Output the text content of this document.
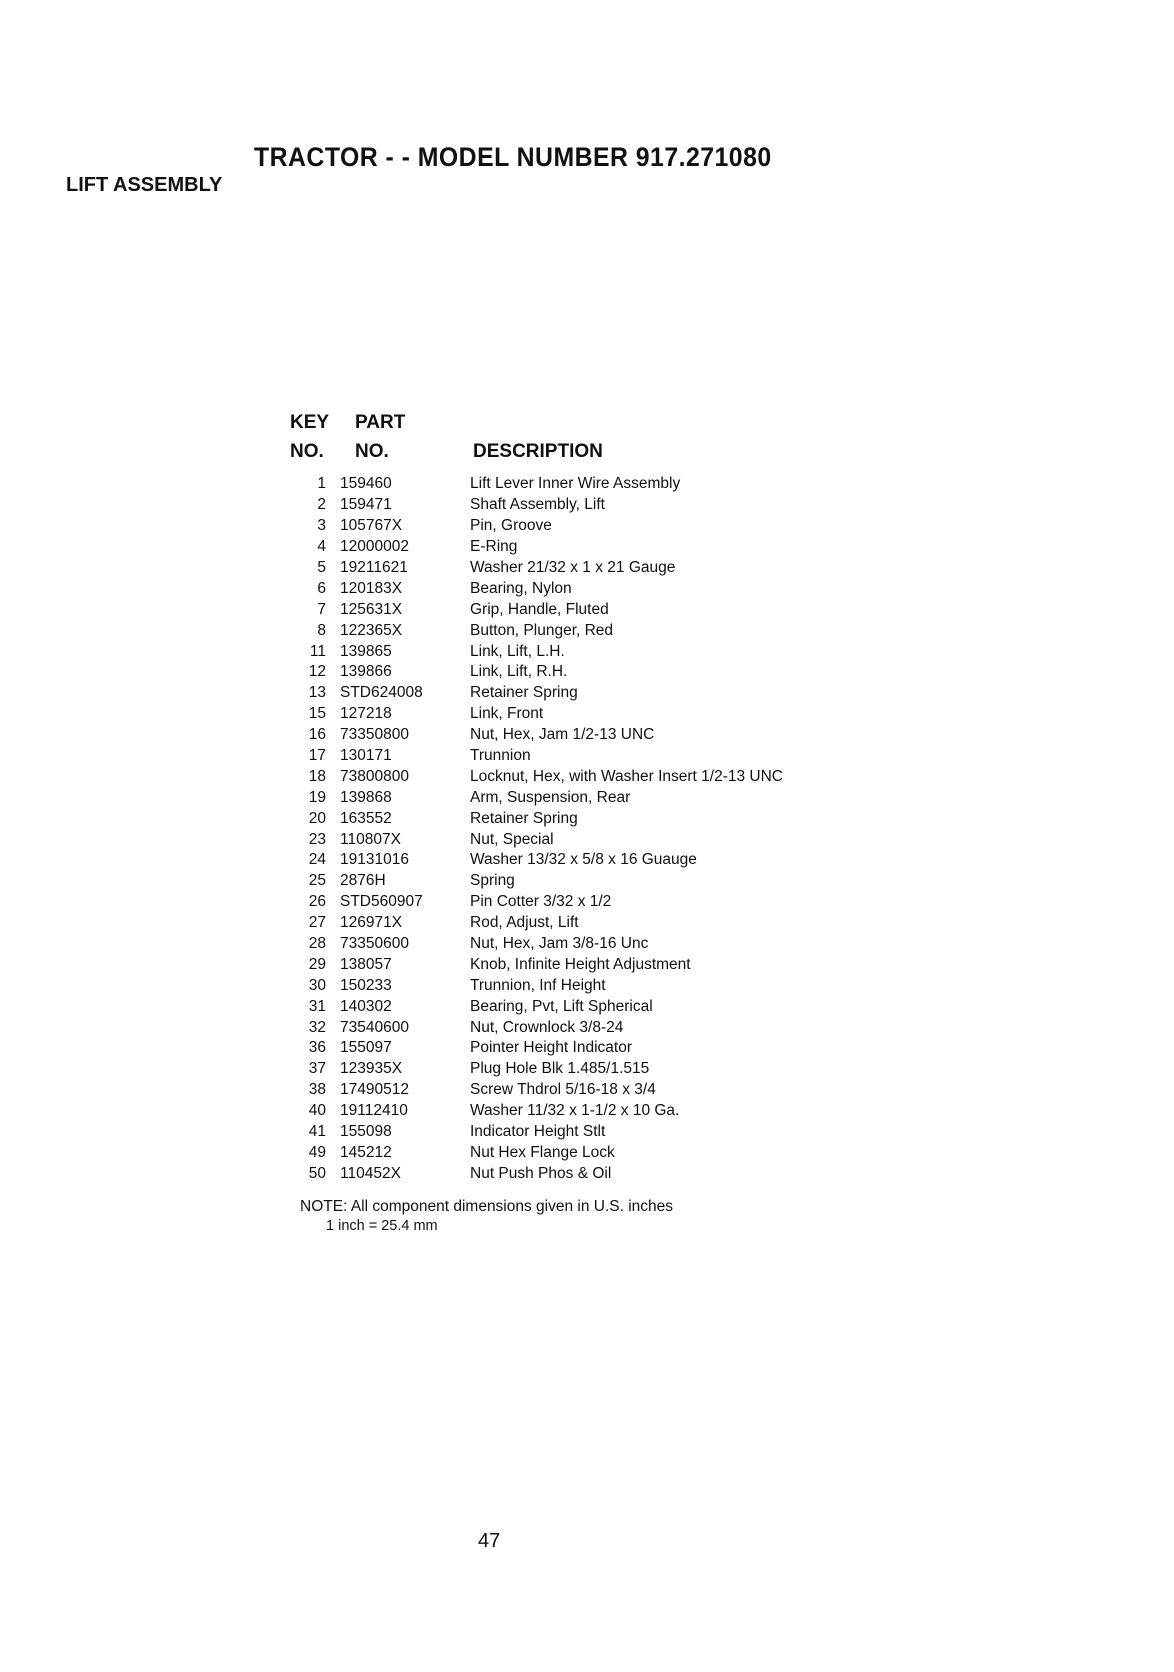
TRACTOR - - MODEL NUMBER 917.271080
LIFT ASSEMBLY
KEY PART
NO. NO.	DESCRIPTION
1 159460	Lift Lever Inner Wire Assembly
2 159471	Shaft Assembly, Lift
3 105767X	Pin, Groove
4 12000002	E-Ring
5 19211621	Washer 21/32 x 1 x 21 Gauge
6 120183X	Bearing, Nylon
7 125631X	Grip, Handle, Fluted
8 122365X	Button, Plunger, Red
11 139865	Link, Lift, L.H.
12 139866	Link, Lift, R.H.
13 STD624008	Retainer Spring
15 127218	Link, Front
16 73350800	Nut, Hex, Jam 1/2-13 UNC
17 130171	Trunnion
18 73800800	Locknut, Hex, with Washer Insert 1/2-13 UNC
19 139868	Arm, Suspension, Rear
20 163552	Retainer Spring
23 110807X	Nut, Special
24 19131016	Washer 13/32 x 5/8 x 16 Guauge
25 2876H	Spring
26 STD560907	Pin Cotter 3/32 x 1/2
27 126971X	Rod, Adjust, Lift
28 73350600	Nut, Hex, Jam 3/8-16 Unc
29 138057	Knob, Infinite Height Adjustment
30 150233	Trunnion, Inf Height
31 140302	Bearing, Pvt, Lift Spherical
32 73540600	Nut, Crownlock 3/8-24
36 155097	Pointer Height Indicator
37 123935X	Plug Hole Blk 1.485/1.515
38 17490512	Screw Thdrol 5/16-18 x 3/4
40 19112410	Washer 11/32 x 1-1/2 x 10 Ga.
41 155098	Indicator Height Stlt
49 145212	Nut Hex Flange Lock
50 110452X	Nut Push Phos & Oil
NOTE: All component dimensions given in U.S. inches
1 inch = 25.4 mm
47
